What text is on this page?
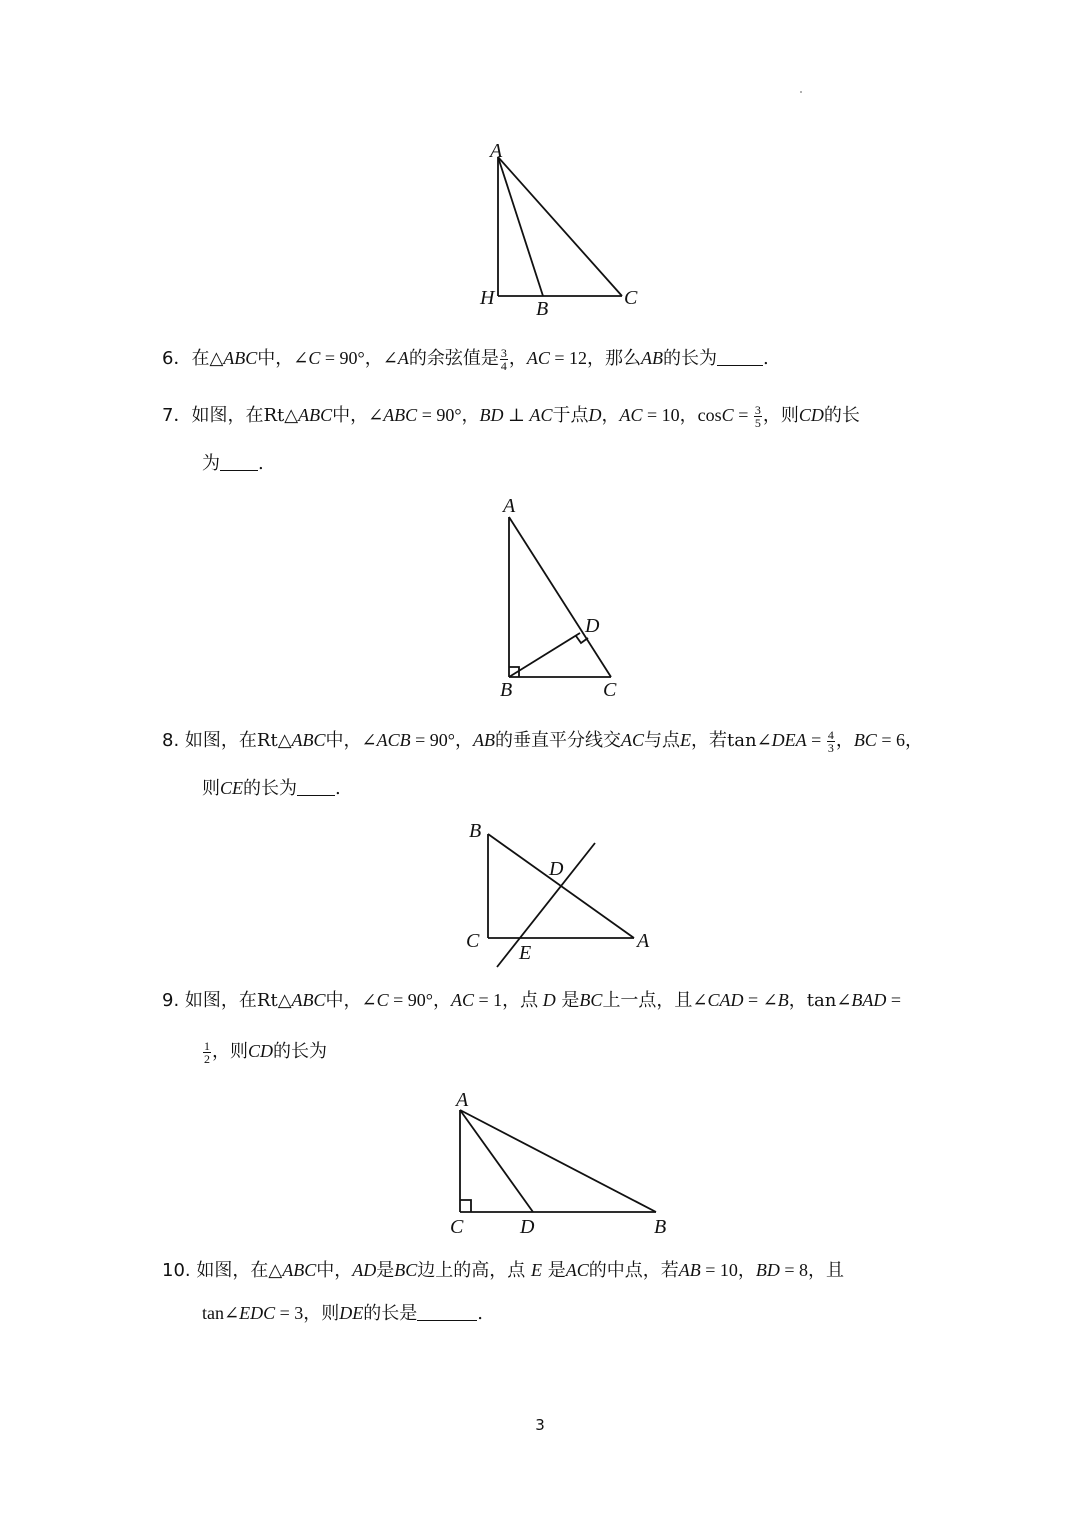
A
H B	C
6．在△ABC中，∠C = 90°，∠A的余弦值是 $\frac{3}{4}$ ，AC = 12，那么AB的长为	.
7．如图，在Rt△ABC中，∠ABC = 90°，BD ⊥ AC于点D，AC = 10，$\cos C = \frac{3}{5}$ ，则CD的长
为 .
A
D
B	C
8. 如图，在Rt△ABC中，∠ACB = 90°，AB的垂直平分线交AC与点E，若tan∠DEA = $\frac{4}{3}$ ，BC = 6，
则CE的长为 .
B
D
C
E
A
9. 如图，在Rt△ABC中，∠C = 90°，AC = 1，点 D 是BC上一点，且∠CAD = ∠B，tan∠BAD =
$\frac{1}{2}$ ，则CD的长为
A
C	D	B
10. 如图，在△ABC中，AD是BC边上的高，点 E 是AC的中点，若AB = 10，BD = 8，且
tan∠EDC = 3，则DE的长是	.
3
